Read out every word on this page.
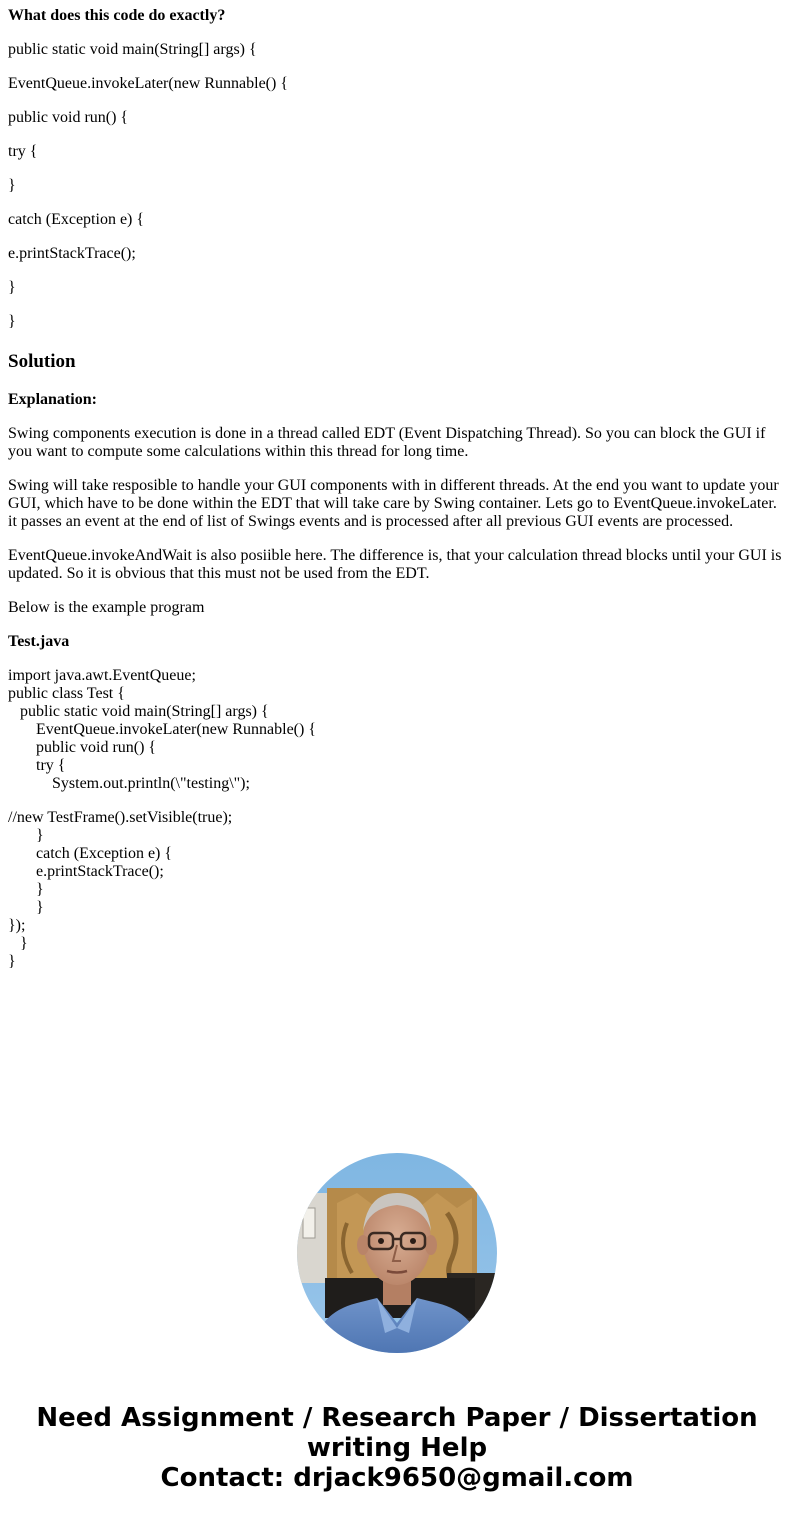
What does this code do exactly?

public static void main(String[] args) {

EventQueue.invokeLater(new Runnable() {

public void run() {

try {

}

catch (Exception e) {

e.printStackTrace();

}

}

Solution

Explanation:

Swing components execution is done in a thread called EDT (Event Dispatching Thread). So you can block the GUI if you want to compute some calculations within this thread for long time.

Swing will take resposible to handle your GUI components with in different threads. At the end you want to update your GUI, which have to be done within the EDT that will take care by Swing container. Lets go to EventQueue.invokeLater. it passes an event at the end of list of Swings events and is processed after all previous GUI events are processed.

EventQueue.invokeAndWait is also posiible here. The difference is, that your calculation thread blocks until your GUI is updated. So it is obvious that this must not be used from the EDT.

Below is the example program

Test.java

import java.awt.EventQueue;
public class Test {
public static void main(String[] args) {
EventQueue.invokeLater(new Runnable() {
public void run() {
try {
System.out.println(\"testing\");
//new TestFrame().setVisible(true);
}
catch (Exception e) {
e.printStackTrace();
}
}
});
}
}
Need Assignment / Research Paper / Dissertation
writing Help
Contact: drjack9650@gmail.com
